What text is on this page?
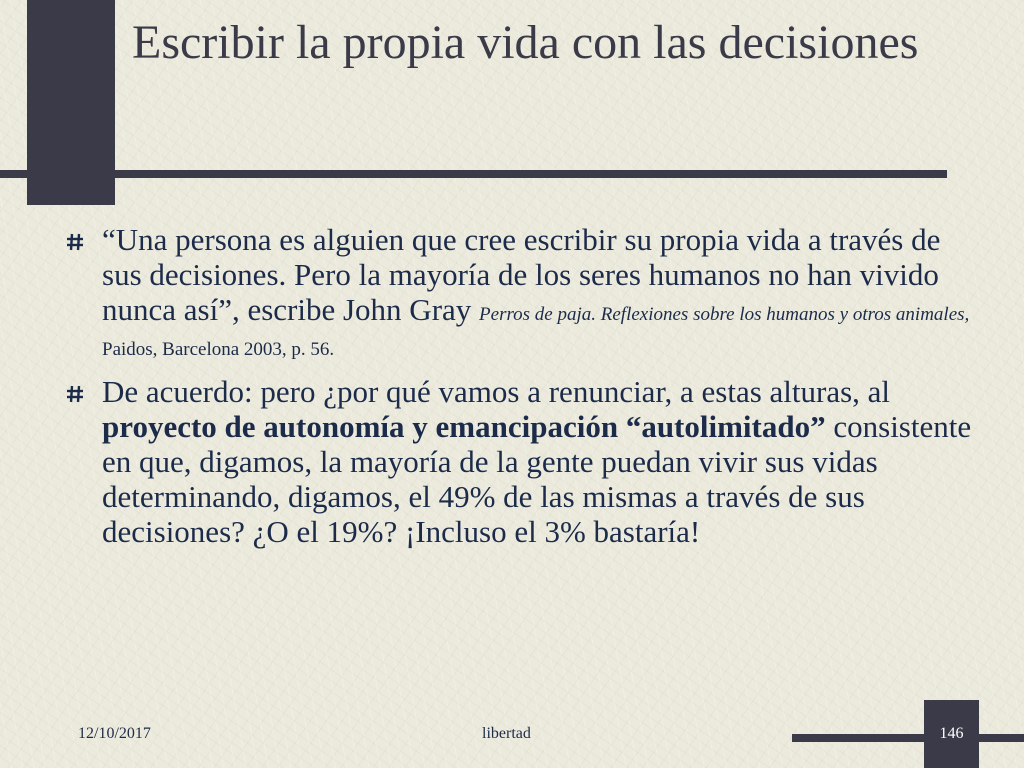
Escribir la propia vida con las decisiones
“Una persona es alguien que cree escribir su propia vida a través de sus decisiones. Pero la mayoría de los seres humanos no han vivido nunca así”, escribe John Gray Perros de paja. Reflexiones sobre los humanos y otros animales, Paidos, Barcelona 2003, p. 56.
De acuerdo: pero ¿por qué vamos a renunciar, a estas alturas, al proyecto de autonomía y emancipación “autolimitado” consistente en que, digamos, la mayoría de la gente puedan vivir sus vidas determinando, digamos, el 49% de las mismas a través de sus decisiones? ¿O el 19%? ¡Incluso el 3% bastaría!
12/10/2017	libertad	146
